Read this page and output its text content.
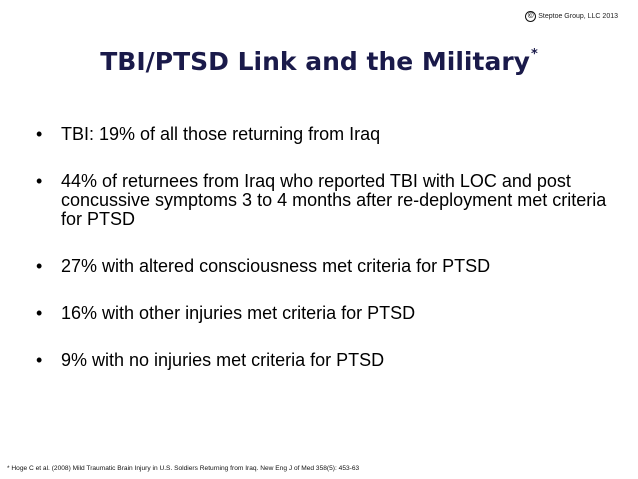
© Steptoe Group, LLC 2013
TBI/PTSD Link and the Military*
•	TBI: 19% of all those returning from Iraq
•	44% of returnees from Iraq who reported TBI with LOC and post concussive symptoms 3 to 4 months after re-deployment met criteria for PTSD
•	27% with altered consciousness met criteria for PTSD
•	16% with other injuries met criteria for PTSD
•	9% with no injuries met criteria for PTSD
* Hoge C et al. (2008) Mild Traumatic Brain Injury in U.S. Soldiers Returning from Iraq. New Eng J of Med 358(5): 453-63
